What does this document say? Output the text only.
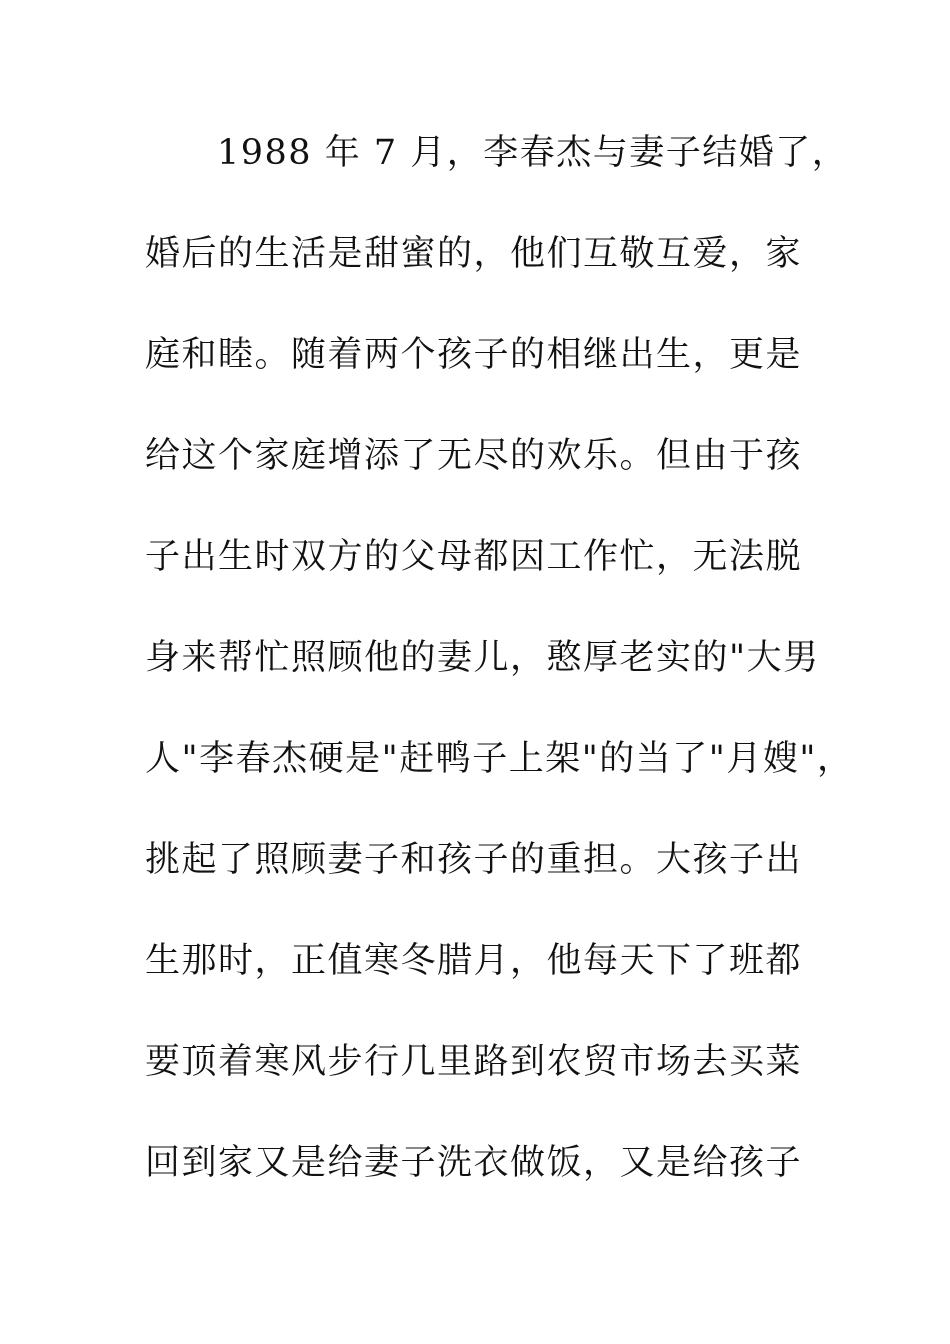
1988 年 7 月，李春杰与妻子结婚了，
婚后的生活是甜蜜的，他们互敬互爱，家
庭和睦。随着两个孩子的相继出生，更是
给这个家庭增添了无尽的欢乐。但由于孩
子出生时双方的父母都因工作忙，无法脱
身来帮忙照顾他的妻儿，憨厚老实的"大男
人"李春杰硬是"赶鸭子上架"的当了"月嫂"，
挑起了照顾妻子和孩子的重担。大孩子出
生那时，正值寒冬腊月，他每天下了班都
要顶着寒风步行几里路到农贸市场去买菜
回到家又是给妻子洗衣做饭，又是给孩子
